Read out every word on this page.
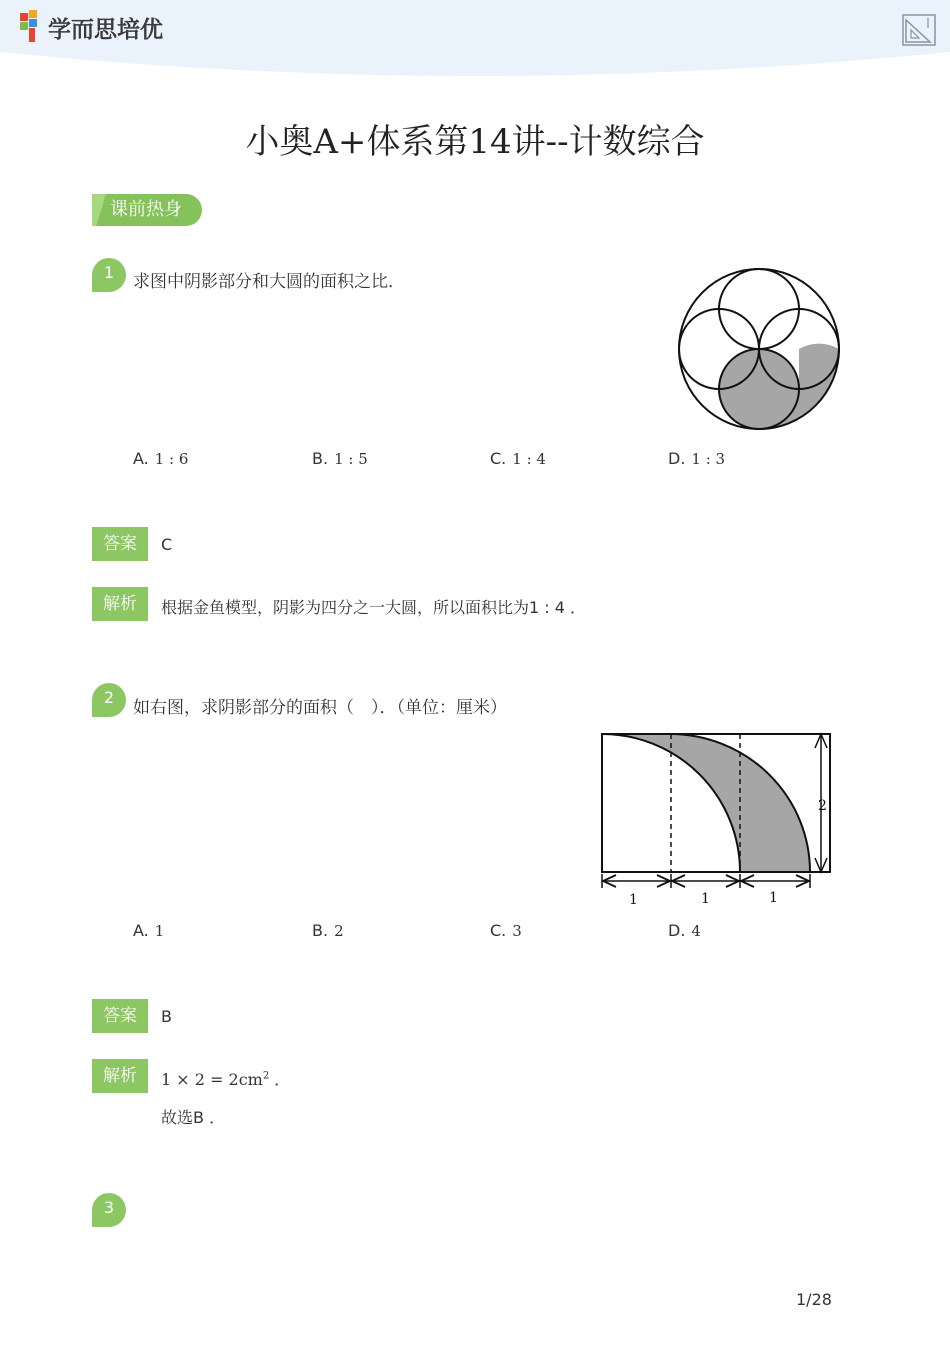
学而思培优
小奥A+体系第14讲--计数综合
课前热身
1	求图中阴影部分和大圆的面积之比．
A. 1 : 6	B. 1 : 5	C. 1 : 4	D. 1 : 3
答案	C
解析	根据金鱼模型，阴影为四分之一大圆，所以面积比为1 : 4 ．
2
如右图，求阴影部分的面积（　）．（单位：厘米）
2
1	1	1
A. 1	B. 2	C. 3	D. 4
答案	B
解析	$1 \times 2 = 2cm^2$ ．
故选B ．
3
1/28
